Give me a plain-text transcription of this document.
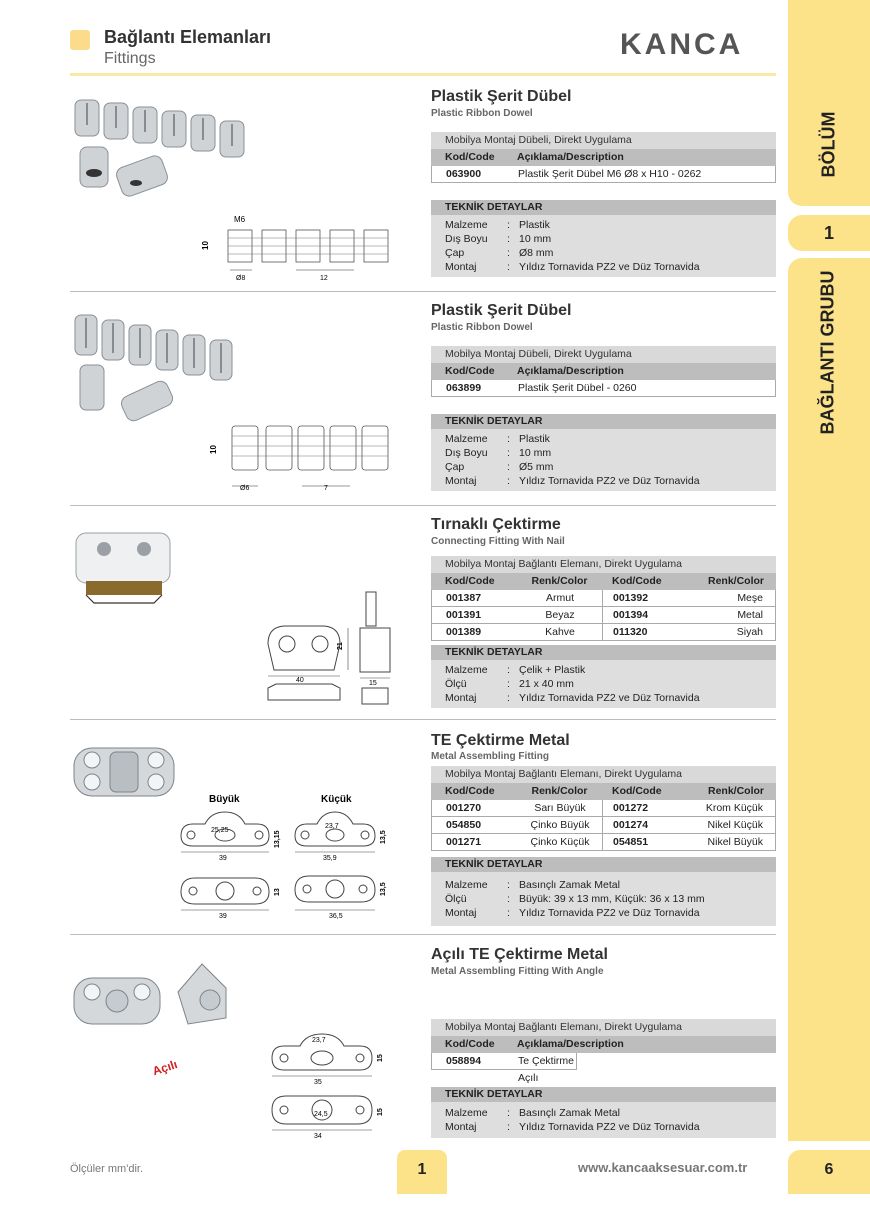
Bağlantı Elemanları
Fittings	KANCA
BÖLÜM
1
BAĞLANTI GRUBU
Plastik Şerit Dübel
Plastic Ribbon Dowel
Mobilya Montaj Dübeli, Direkt Uygulama
Kod/Code	Açıklama/Description
063900	Plastik Şerit Dübel M6 Ø8 x H10 - 0262
TEKNİK DETAYLAR
Malzeme	: Plastik
Dış Boyu	: 10 mm
Çap	: Ø8 mm
Montaj	: Yıldız Tornavida PZ2 ve Düz Tornavida
M6
10
Ø8	12
Plastik Şerit Dübel
Plastic Ribbon Dowel
Mobilya Montaj Dübeli, Direkt Uygulama
Kod/Code	Açıklama/Description
063899	Plastik Şerit Dübel - 0260
TEKNİK DETAYLAR
Malzeme	: Plastik
Dış Boyu	: 10 mm
Çap	: Ø5 mm
Montaj	: Yıldız Tornavida PZ2 ve Düz Tornavida
10
Ø6	7
Tırnaklı Çektirme
Connecting Fitting With Nail
Mobilya Montaj Bağlantı Elemanı, Direkt Uygulama
Kod/Code	Renk/Color	Kod/Code	Renk/Color
001387	Armut	001392	Meşe
001391	Beyaz	001394	Metal
001389	Kahve	011320	Siyah
TEKNİK DETAYLAR
Malzeme	: Çelik + Plastik
Ölçü	: 21 x 40 mm
Montaj	: Yıldız Tornavida PZ2 ve Düz Tornavida
21
40	15
TE Çektirme Metal
Metal Assembling Fitting
Mobilya Montaj Bağlantı Elemanı, Direkt Uygulama
Kod/Code	Renk/Color	Kod/Code	Renk/Color
001270	Sarı Büyük	001272	Krom Küçük
054850	Çinko Büyük	001274	Nikel Küçük
001271	Çinko Küçük	054851	Nikel Büyük
TEKNİK DETAYLAR
Malzeme	: Basınçlı Zamak Metal
Ölçü	: Büyük: 39 x 13 mm, Küçük: 36 x 13 mm
Montaj	: Yıldız Tornavida PZ2 ve Düz Tornavida
Büyük	Küçük
25,25	13,15
39
23,7
13,5
35,9
13
39
13,5
36,5
Açılı TE Çektirme Metal
Metal Assembling Fitting With Angle
Mobilya Montaj Bağlantı Elemanı, Direkt Uygulama
Kod/Code	Açıklama/Description
058894	Te Çektirme Açılı
TEKNİK DETAYLAR
Malzeme	: Basınçlı Zamak Metal
Montaj	: Yıldız Tornavida PZ2 ve Düz Tornavida
Açılı
23,7
15
35
24,5	15
34
Ölçüler mm'dir.	1	www.kancaaksesuar.com.tr	6
